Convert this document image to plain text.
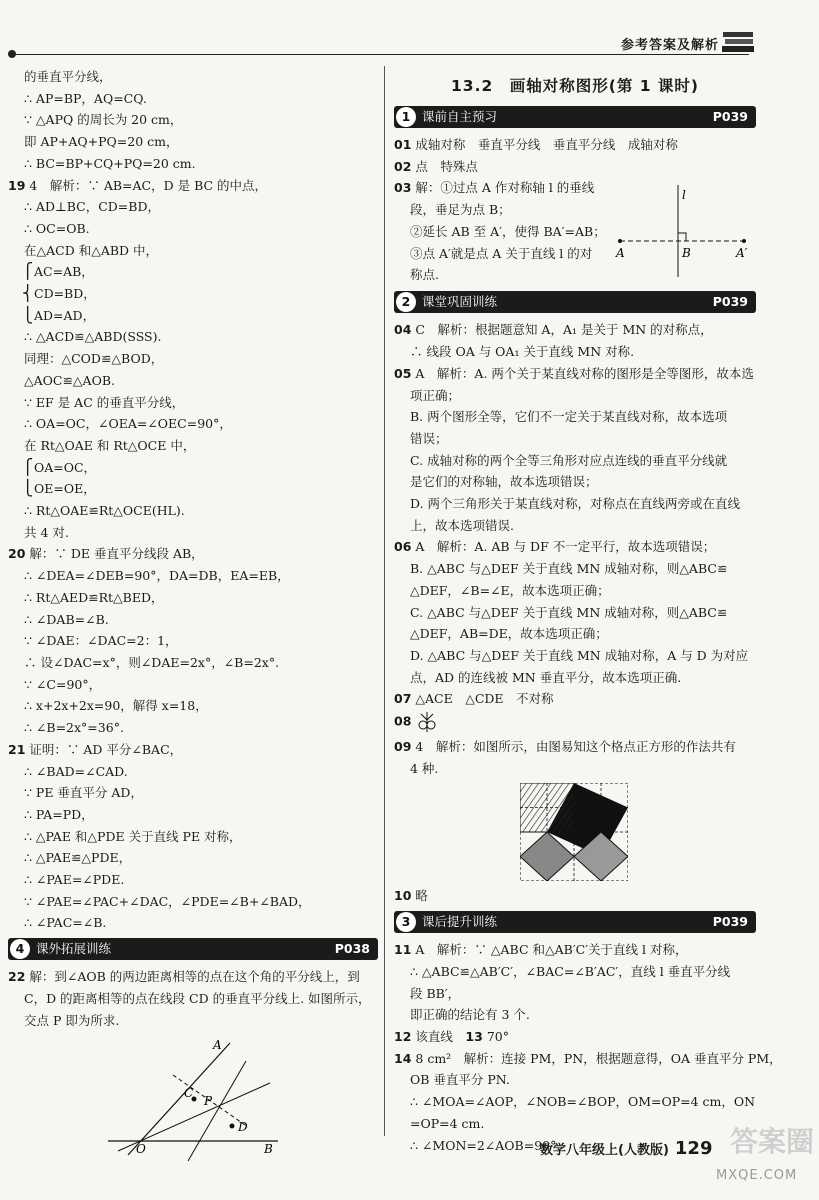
参考答案及解析
的垂直平分线，
∴ AP=BP，AQ=CQ.
∵ △APQ 的周长为 20 cm，
即 AP+AQ+PQ=20 cm，
∴ BC=BP+CQ+PQ=20 cm.
19 4　解析：∵ AB=AC，D 是 BC 的中点，
∴ AD⊥BC，CD=BD，
∴ OC=OB.
在△ACD 和△ABD 中，
⎧ AC=AB，
⎨ CD=BD，
⎩ AD=AD，
∴ △ACD≌△ABD(SSS).
同理：△COD≌△BOD，
△AOC≌△AOB.
∵ EF 是 AC 的垂直平分线，
∴ OA=OC，∠OEA=∠OEC=90°，
在 Rt△OAE 和 Rt△OCE 中，
⎧ OA=OC，
⎩ OE=OE，
∴ Rt△OAE≌Rt△OCE(HL).
共 4 对.
20 解：∵ DE 垂直平分线段 AB，
∴ ∠DEA=∠DEB=90°，DA=DB，EA=EB，
∴ Rt△AED≌Rt△BED，
∴ ∠DAB=∠B.
∵ ∠DAE：∠DAC=2：1，
∴ 设∠DAC=x°，则∠DAE=2x°，∠B=2x°.
∵ ∠C=90°，
∴ x+2x+2x=90，解得 x=18，
∴ ∠B=2x°=36°.
21 证明：∵ AD 平分∠BAC，
∴ ∠BAD=∠CAD.
∵ PE 垂直平分 AD，
∴ PA=PD，
∴ △PAE 和△PDE 关于直线 PE 对称，
∴ △PAE≌△PDE，
∴ ∠PAE=∠PDE.
∵ ∠PAE=∠PAC+∠DAC，∠PDE=∠B+∠BAD，
∴ ∠PAC=∠B.
4 课外拓展训练	P038
22 解：到∠AOB 的两边距离相等的点在这个角的平分线上，到
C，D 的距离相等的点在线段 CD 的垂直平分线上. 如图所示，
交点 P 即为所求.
A
B
O
C
D
P
13.2　画轴对称图形(第 1 课时)
1 课前自主预习	P039
01 成轴对称　垂直平分线　垂直平分线　成轴对称
02 点　特殊点
03 解：①过点 A 作对称轴 l 的垂线
段，垂足为点 B；
②延长 AB 至 A′，使得 BA′=AB；
③点 A′就是点 A 关于直线 l 的对
称点.
l
A	B	A′
2 课堂巩固训练	P039
04 C　解析：根据题意知 A，A₁ 是关于 MN 的对称点，
∴ 线段 OA 与 OA₁ 关于直线 MN 对称.
05 A　解析：A. 两个关于某直线对称的图形是全等图形，故本选
项正确；
B. 两个图形全等，它们不一定关于某直线对称，故本选项
错误；
C. 成轴对称的两个全等三角形对应点连线的垂直平分线就
是它们的对称轴，故本选项错误；
D. 两个三角形关于某直线对称，对称点在直线两旁或在直线
上，故本选项错误.
06 A　解析：A. AB 与 DF 不一定平行，故本选项错误；
B. △ABC 与△DEF 关于直线 MN 成轴对称，则△ABC≌
△DEF，∠B=∠E，故本选项正确；
C. △ABC 与△DEF 关于直线 MN 成轴对称，则△ABC≌
△DEF，AB=DE，故本选项正确；
D. △ABC 与△DEF 关于直线 MN 成轴对称，A 与 D 为对应
点，AD 的连线被 MN 垂直平分，故本选项正确.
07 △ACE　△CDE　不对称
08
09 4　解析：如图所示，由图易知这个格点正方形的作法共有
4 种.
10 略
3 课后提升训练	P039
11 A　解析：∵ △ABC 和△AB′C′关于直线 l 对称，
∴ △ABC≌△AB′C′，∠BAC=∠B′AC′，直线 l 垂直平分线
段 BB′，
即正确的结论有 3 个.
12 该直线　 13 70°
14 8 cm²　解析：连接 PM，PN，根据题意得，OA 垂直平分 PM，
OB 垂直平分 PN.
∴ ∠MOA=∠AOP，∠NOB=∠BOP，OM=OP=4 cm，ON
=OP=4 cm.
∴ ∠MON=2∠AOB=90°.	答案圈
数学八年级上(人教版) 129
MXQE.COM
